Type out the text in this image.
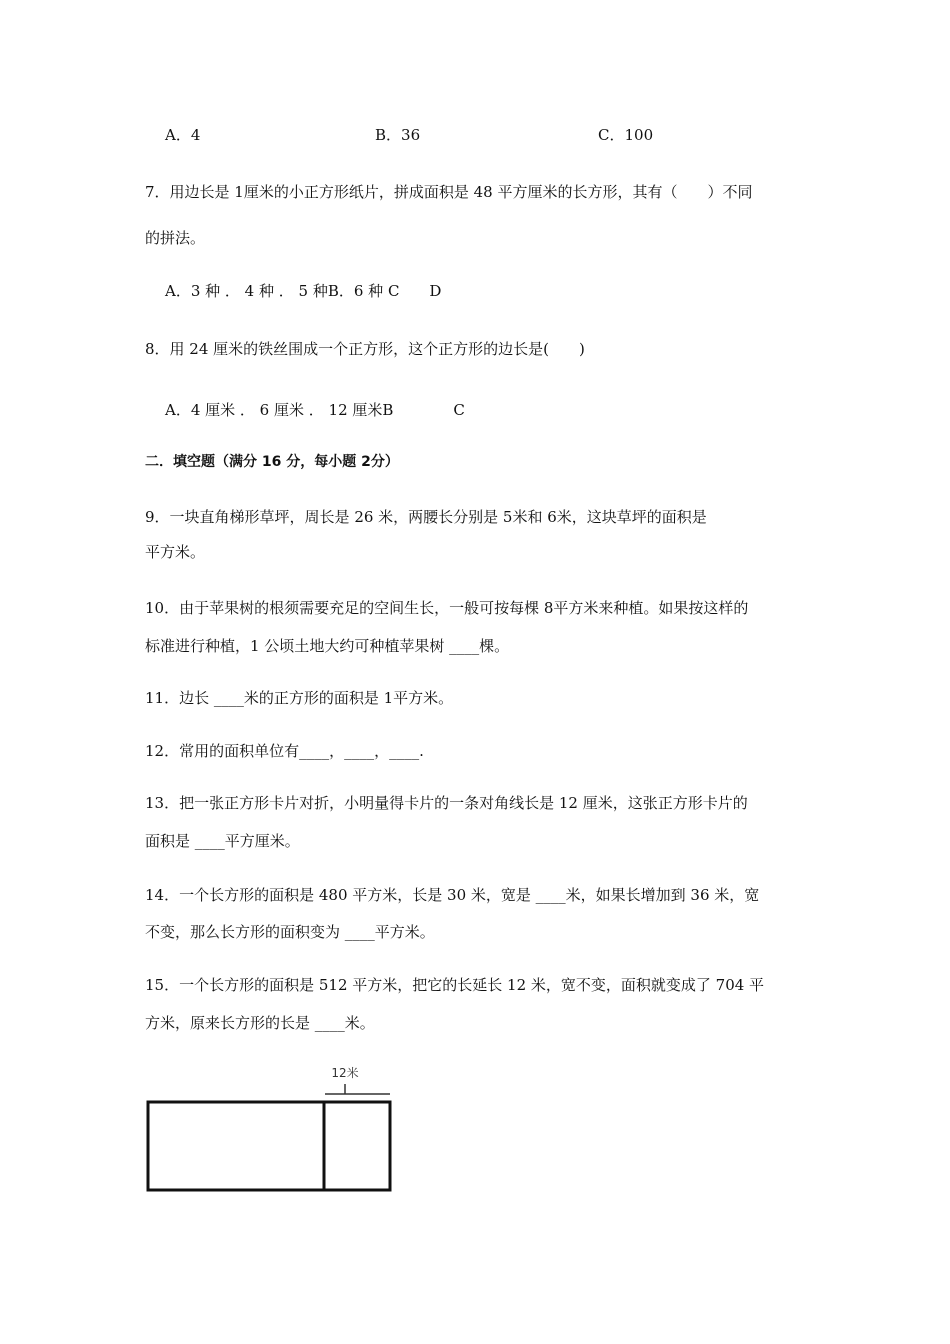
A．4	B．36	C．100
7．用边长是 1厘米的小正方形纸片，拼成面积是 48 平方厘米的长方形，其有（　　）不同
的拼法。
A．3 种 ． 4 种 ． 5 种B．6 种 C　　D
8．用 24 厘米的铁丝围成一个正方形，这个正方形的边长是(　　)
A．4 厘米 ． 6 厘米 ． 12 厘米B　　　　C
二．填空题（满分 16 分，每小题 2分）
9．一块直角梯形草坪，周长是 26 米，两腰长分别是 5米和 6米，这块草坪的面积是
平方米。
10．由于苹果树的根须需要充足的空间生长，一般可按每棵 8平方米来种植。如果按这样的
标准进行种植，1 公顷土地大约可种植苹果树 ____棵。
11．边长 ____米的正方形的面积是 1平方米。
12．常用的面积单位有____，____，____.
13．把一张正方形卡片对折，小明量得卡片的一条对角线长是 12 厘米，这张正方形卡片的
面积是 ____平方厘米。
14．一个长方形的面积是 480 平方米，长是 30 米，宽是 ____米，如果长增加到 36 米，宽
不变，那么长方形的面积变为 ____平方米。
15．一个长方形的面积是 512 平方米，把它的长延长 12 米，宽不变，面积就变成了 704 平
方米，原来长方形的长是 ____米。
12米
